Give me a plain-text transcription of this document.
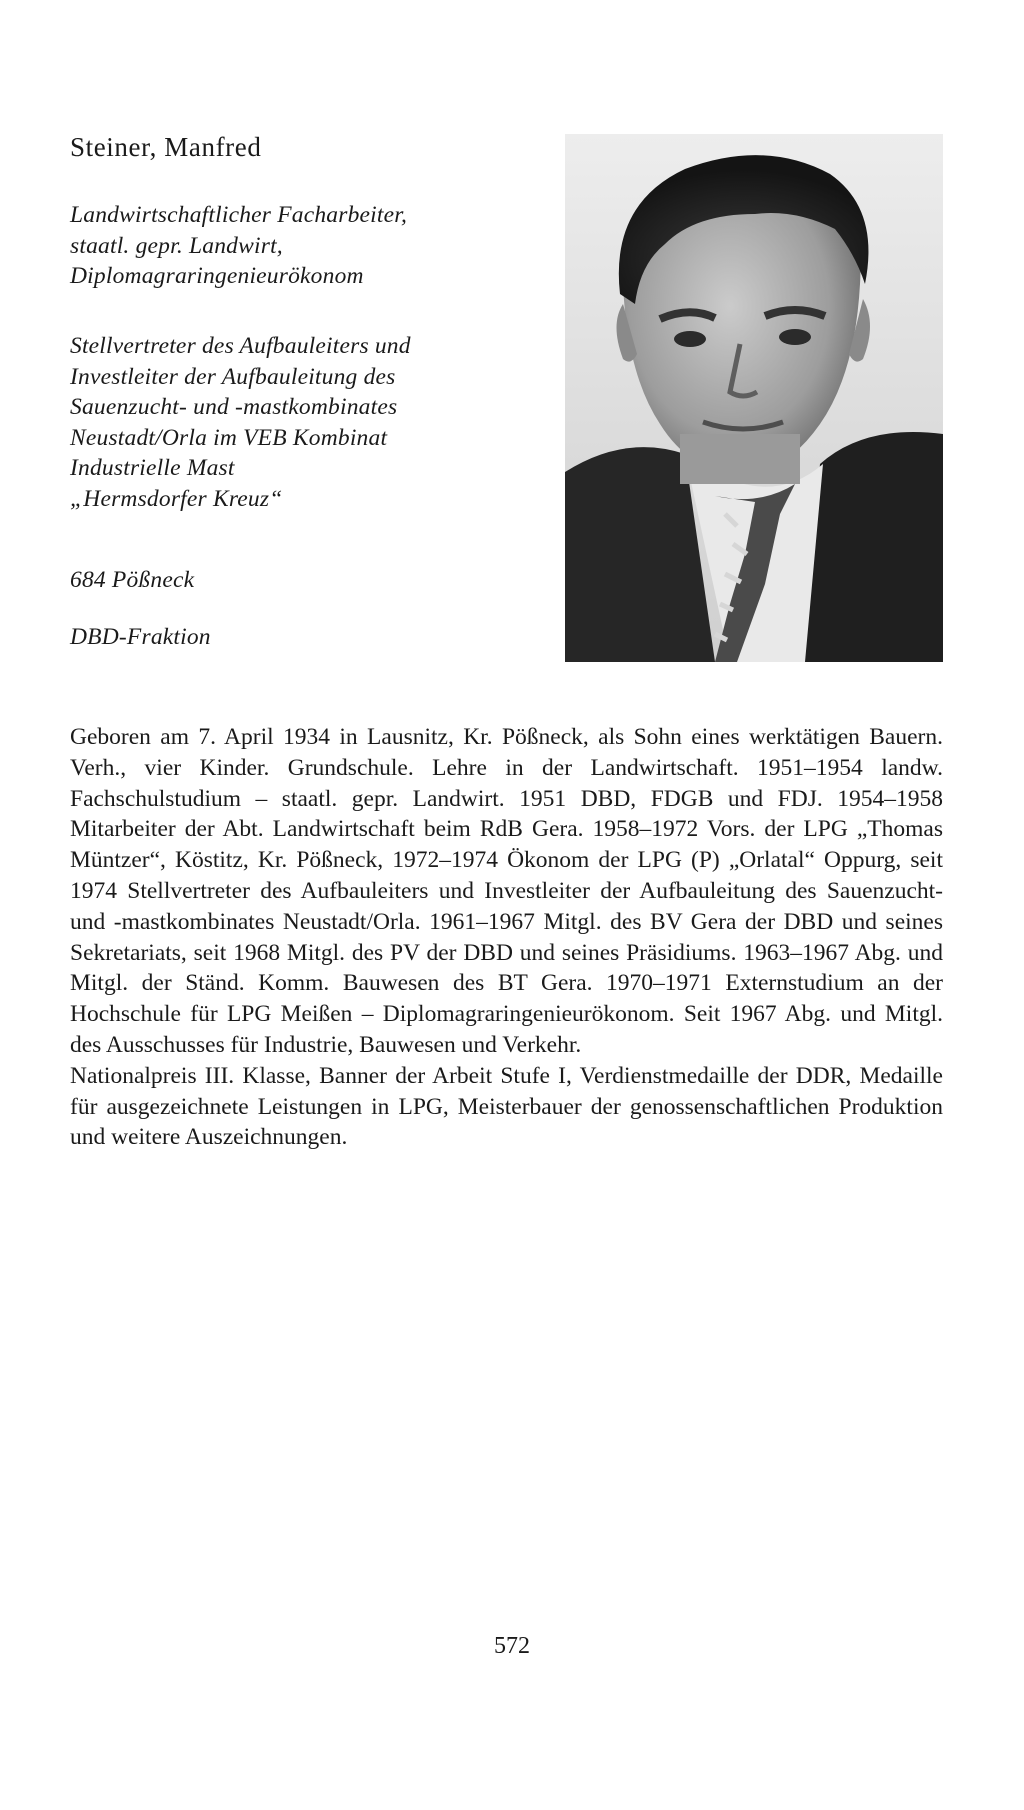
Steiner, Manfred
Landwirtschaftlicher Facharbeiter,
staatl. gepr. Landwirt,
Diplomagraringenieurökonom
Stellvertreter des Aufbauleiters und
Investleiter der Aufbauleitung des
Sauenzucht- und -mastkombinates
Neustadt/Orla im VEB Kombinat
Industrielle Mast
„Hermsdorfer Kreuz“
684 Pößneck
DBD-Fraktion

Geboren am 7. April 1934 in Lausnitz, Kr. Pößneck, als Sohn eines werktätigen Bauern. Verh., vier Kinder. Grundschule. Lehre in der Landwirtschaft. 1951–1954 landw. Fachschulstudium – staatl. gepr. Landwirt. 1951 DBD, FDGB und FDJ. 1954–1958 Mitarbeiter der Abt. Landwirtschaft beim RdB Gera. 1958–1972 Vors. der LPG „Thomas Müntzer“, Köstitz, Kr. Pößneck, 1972–1974 Ökonom der LPG (P) „Orlatal“ Oppurg, seit 1974 Stellvertreter des Aufbauleiters und Investleiter der Aufbauleitung des Sauenzucht- und -mastkombinates Neustadt/Orla. 1961–1967 Mitgl. des BV Gera der DBD und seines Sekretariats, seit 1968 Mitgl. des PV der DBD und seines Präsidiums. 1963–1967 Abg. und Mitgl. der Ständ. Komm. Bauwesen des BT Gera. 1970–1971 Externstudium an der Hochschule für LPG Meißen – Diplomagraringenieurökonom. Seit 1967 Abg. und Mitgl. des Ausschusses für Industrie, Bauwesen und Verkehr.

Nationalpreis III. Klasse, Banner der Arbeit Stufe I, Verdienstmedaille der DDR, Medaille für ausgezeichnete Leistungen in LPG, Meisterbauer der genossenschaftlichen Produktion und weitere Auszeichnungen.

572
